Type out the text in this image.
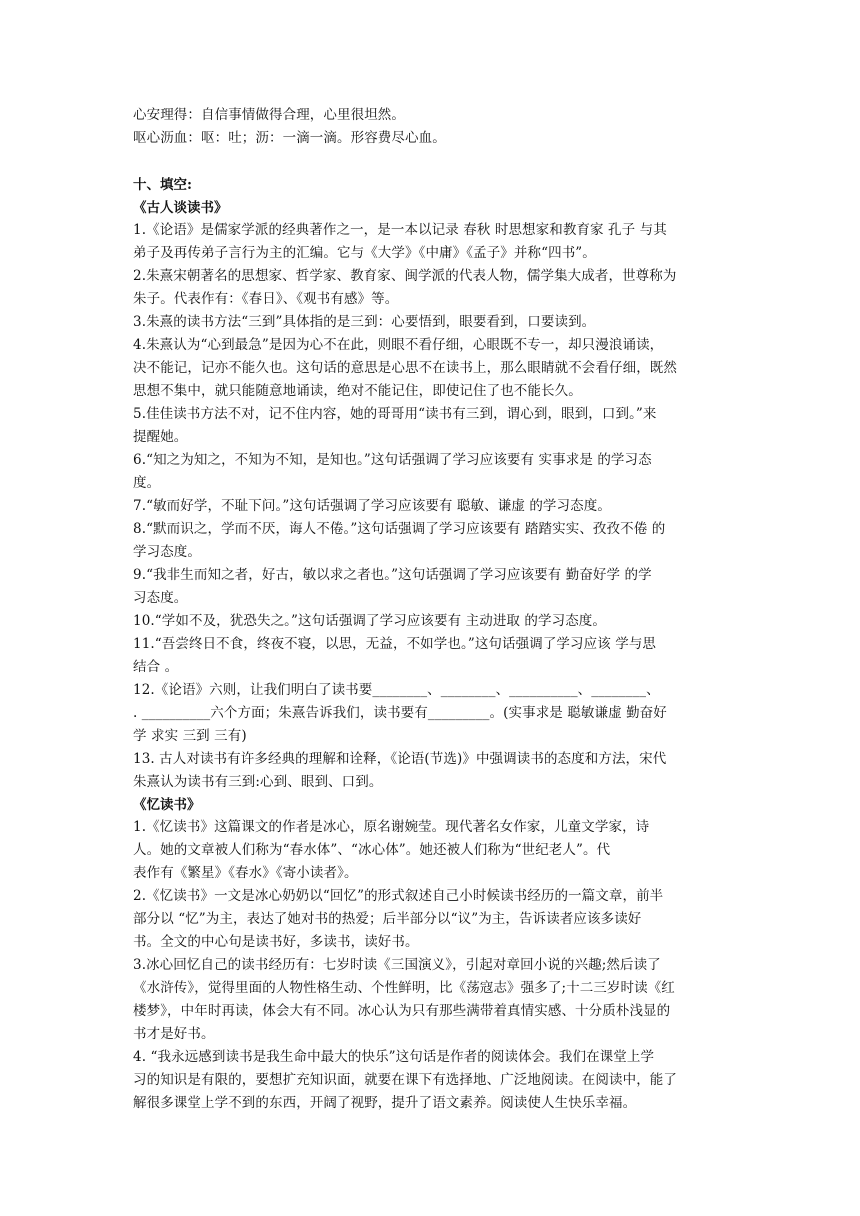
心安理得：自信事情做得合理，心里很坦然。
呕心沥血：呕：吐；沥：一滴一滴。形容费尽心血。
十、填空:
《古人谈读书》
1.《论语》是儒家学派的经典著作之一，是一本以记录 春秋 时思想家和教育家 孔子 与其
弟子及再传弟子言行为主的汇编。它与《大学》《中庸》《孟子》并称“四书”。
2.朱熹宋朝著名的思想家、哲学家、教育家、闽学派的代表人物，儒学集大成者，世尊称为
朱子。代表作有：《春日》、《观书有感》等。
3.朱熹的读书方法“三到”具体指的是三到：心要悟到，眼要看到，口要读到。
4.朱熹认为“心到最急”是因为心不在此，则眼不看仔细，心眼既不专一，却只漫浪诵读，
决不能记，记亦不能久也。这句话的意思是心思不在读书上，那么眼睛就不会看仔细，既然
思想不集中，就只能随意地诵读，绝对不能记住，即使记住了也不能长久。
5.佳佳读书方法不对，记不住内容，她的哥哥用“读书有三到，谓心到，眼到，口到。”来
提醒她。
6.“知之为知之，不知为不知，是知也。”这句话强调了学习应该要有 实事求是 的学习态
度。
7.“敏而好学，不耻下问。”这句话强调了学习应该要有 聪敏、谦虚 的学习态度。
8.“默而识之，学而不厌，诲人不倦。”这句话强调了学习应该要有 踏踏实实、孜孜不倦 的
学习态度。
9.“我非生而知之者，好古，敏以求之者也。”这句话强调了学习应该要有 勤奋好学 的学
习态度。
10.“学如不及，犹恐失之。”这句话强调了学习应该要有 主动进取 的学习态度。
11.“吾尝终日不食，终夜不寝，以思，无益，不如学也。”这句话强调了学习应该 学与思
结合 。
12.《论语》六则，让我们明白了读书要________、________、__________、________、
. __________六个方面；朱熹告诉我们，读书要有_________。(实事求是 聪敏谦虚 勤奋好
学 求实 三到 三有)
13. 古人对读书有许多经典的理解和诠释，《论语(节选)》中强调读书的态度和方法，宋代
朱熹认为读书有三到:心到、眼到、口到。
《忆读书》
1.《忆读书》这篇课文的作者是冰心，原名谢婉莹。现代著名女作家，儿童文学家，诗
人。她的文章被人们称为“春水体”、“冰心体”。她还被人们称为“世纪老人”。代
表作有《繁星》《春水》《寄小读者》。
2.《忆读书》一文是冰心奶奶以“回忆”的形式叙述自己小时候读书经历的一篇文章，前半
部分以 “忆”为主，表达了她对书的热爱；后半部分以“议”为主，告诉读者应该多读好
书。全文的中心句是读书好，多读书，读好书。
3.冰心回忆自己的读书经历有：七岁时读《三国演义》，引起对章回小说的兴趣;然后读了
《水浒传》，觉得里面的人物性格生动、个性鲜明，比《荡寇志》强多了;十二三岁时读《红
楼梦》，中年时再读，体会大有不同。冰心认为只有那些满带着真情实感、十分质朴浅显的
书才是好书。
4. “我永远感到读书是我生命中最大的快乐”这句话是作者的阅读体会。我们在课堂上学
习的知识是有限的，要想扩充知识面，就要在课下有选择地、广泛地阅读。在阅读中，能了
解很多课堂上学不到的东西，开阔了视野，提升了语文素养。阅读使人生快乐幸福。
